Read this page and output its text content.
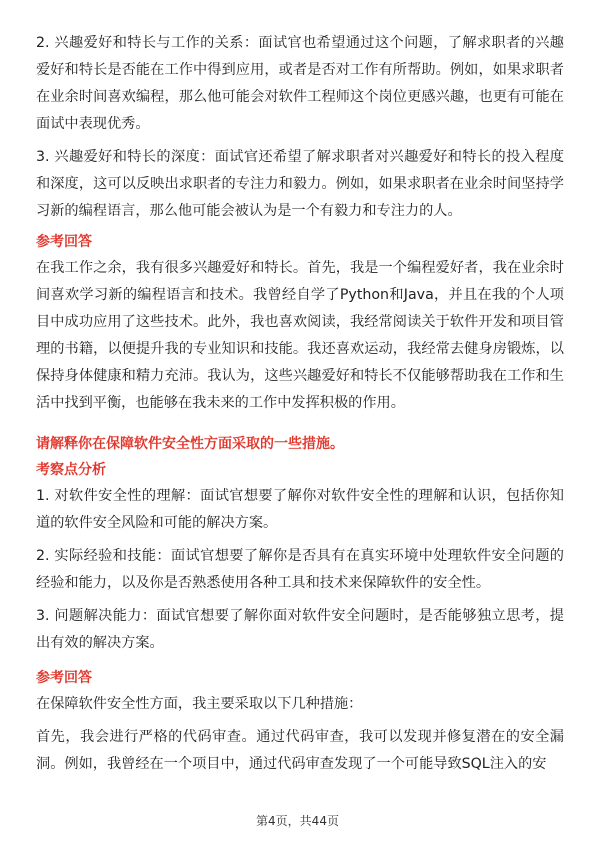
2. 兴趣爱好和特长与工作的关系：面试官也希望通过这个问题，了解求职者的兴趣爱好和特长是否能在工作中得到应用，或者是否对工作有所帮助。例如，如果求职者在业余时间喜欢编程，那么他可能会对软件工程师这个岗位更感兴趣，也更有可能在面试中表现优秀。

3. 兴趣爱好和特长的深度：面试官还希望了解求职者对兴趣爱好和特长的投入程度和深度，这可以反映出求职者的专注力和毅力。例如，如果求职者在业余时间坚持学习新的编程语言，那么他可能会被认为是一个有毅力和专注力的人。

参考回答

在我工作之余，我有很多兴趣爱好和特长。首先，我是一个编程爱好者，我在业余时间喜欢学习新的编程语言和技术。我曾经自学了Python和Java，并且在我的个人项目中成功应用了这些技术。此外，我也喜欢阅读，我经常阅读关于软件开发和项目管理的书籍，以便提升我的专业知识和技能。我还喜欢运动，我经常去健身房锻炼，以保持身体健康和精力充沛。我认为，这些兴趣爱好和特长不仅能够帮助我在工作和生活中找到平衡，也能够在我未来的工作中发挥积极的作用。

请解释你在保障软件安全性方面采取的一些措施。
考察点分析

1. 对软件安全性的理解：面试官想要了解你对软件安全性的理解和认识，包括你知道的软件安全风险和可能的解决方案。

2. 实际经验和技能：面试官想要了解你是否具有在真实环境中处理软件安全问题的经验和能力，以及你是否熟悉使用各种工具和技术来保障软件的安全性。

3. 问题解决能力：面试官想要了解你面对软件安全问题时，是否能够独立思考，提出有效的解决方案。

参考回答

在保障软件安全性方面，我主要采取以下几种措施：

首先，我会进行严格的代码审查。通过代码审查，我可以发现并修复潜在的安全漏洞。例如，我曾经在一个项目中，通过代码审查发现了一个可能导致SQL注入的安

第4页，共44页
